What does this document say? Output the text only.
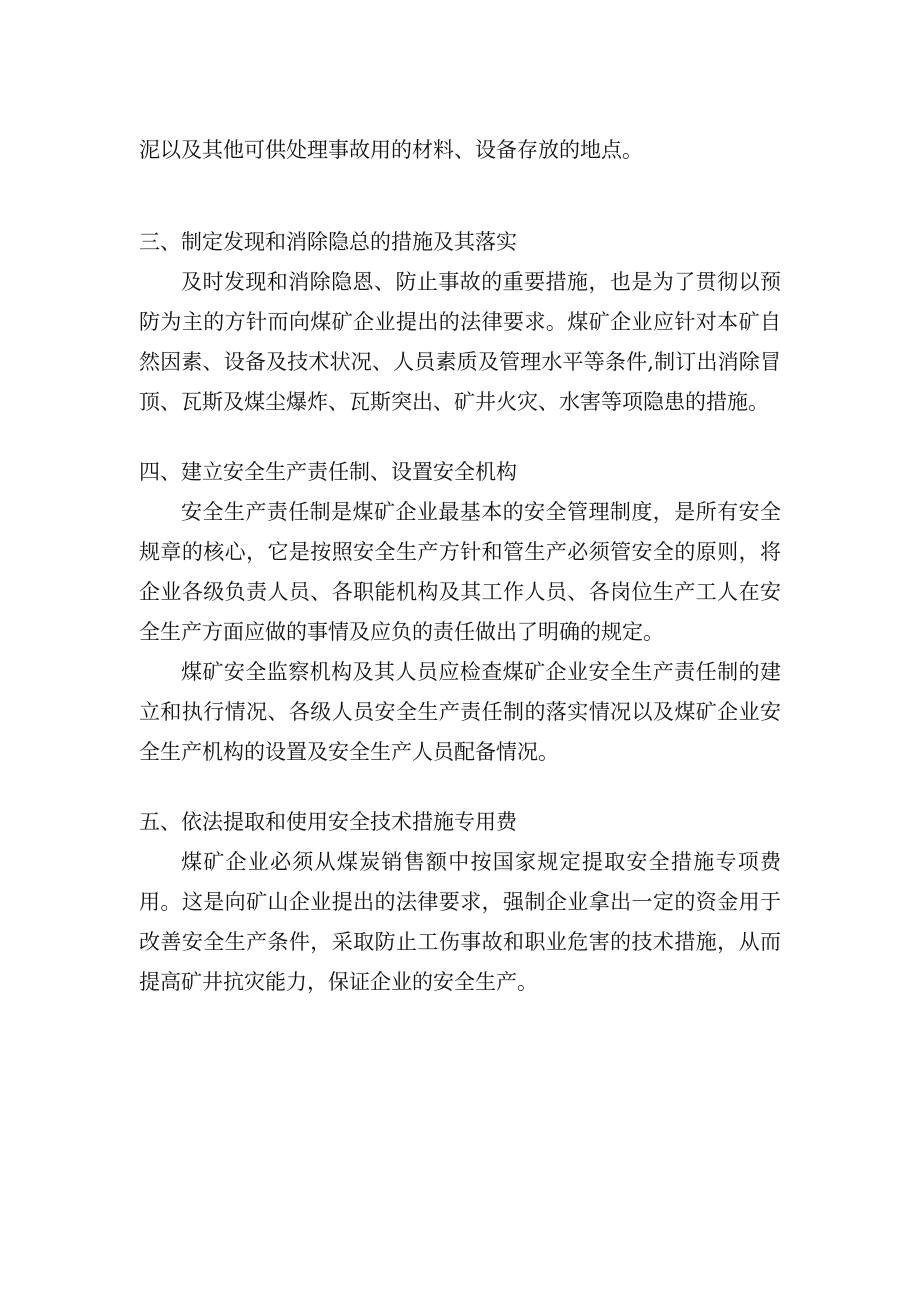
泥以及其他可供处理事故用的材料、设备存放的地点。

三、制定发现和消除隐总的措施及其落实

及时发现和消除隐恩、防止事故的重要措施，也是为了贯彻以预防为主的方针而向煤矿企业提出的法律要求。煤矿企业应针对本矿自然因素、设备及技术状况、人员素质及管理水平等条件,制订出消除冒顶、瓦斯及煤尘爆炸、瓦斯突出、矿井火灾、水害等项隐患的措施。

四、建立安全生产责任制、设置安全机构

安全生产责任制是煤矿企业最基本的安全管理制度，是所有安全规章的核心，它是按照安全生产方针和管生产必须管安全的原则，将企业各级负责人员、各职能机构及其工作人员、各岗位生产工人在安全生产方面应做的事情及应负的责任做出了明确的规定。

煤矿安全监察机构及其人员应检查煤矿企业安全生产责任制的建立和执行情况、各级人员安全生产责任制的落实情况以及煤矿企业安全生产机构的设置及安全生产人员配备情况。

五、依法提取和使用安全技术措施专用费

煤矿企业必须从煤炭销售额中按国家规定提取安全措施专项费用。这是向矿山企业提出的法律要求，强制企业拿出一定的资金用于改善安全生产条件，采取防止工伤事故和职业危害的技术措施，从而提高矿井抗灾能力，保证企业的安全生产。
